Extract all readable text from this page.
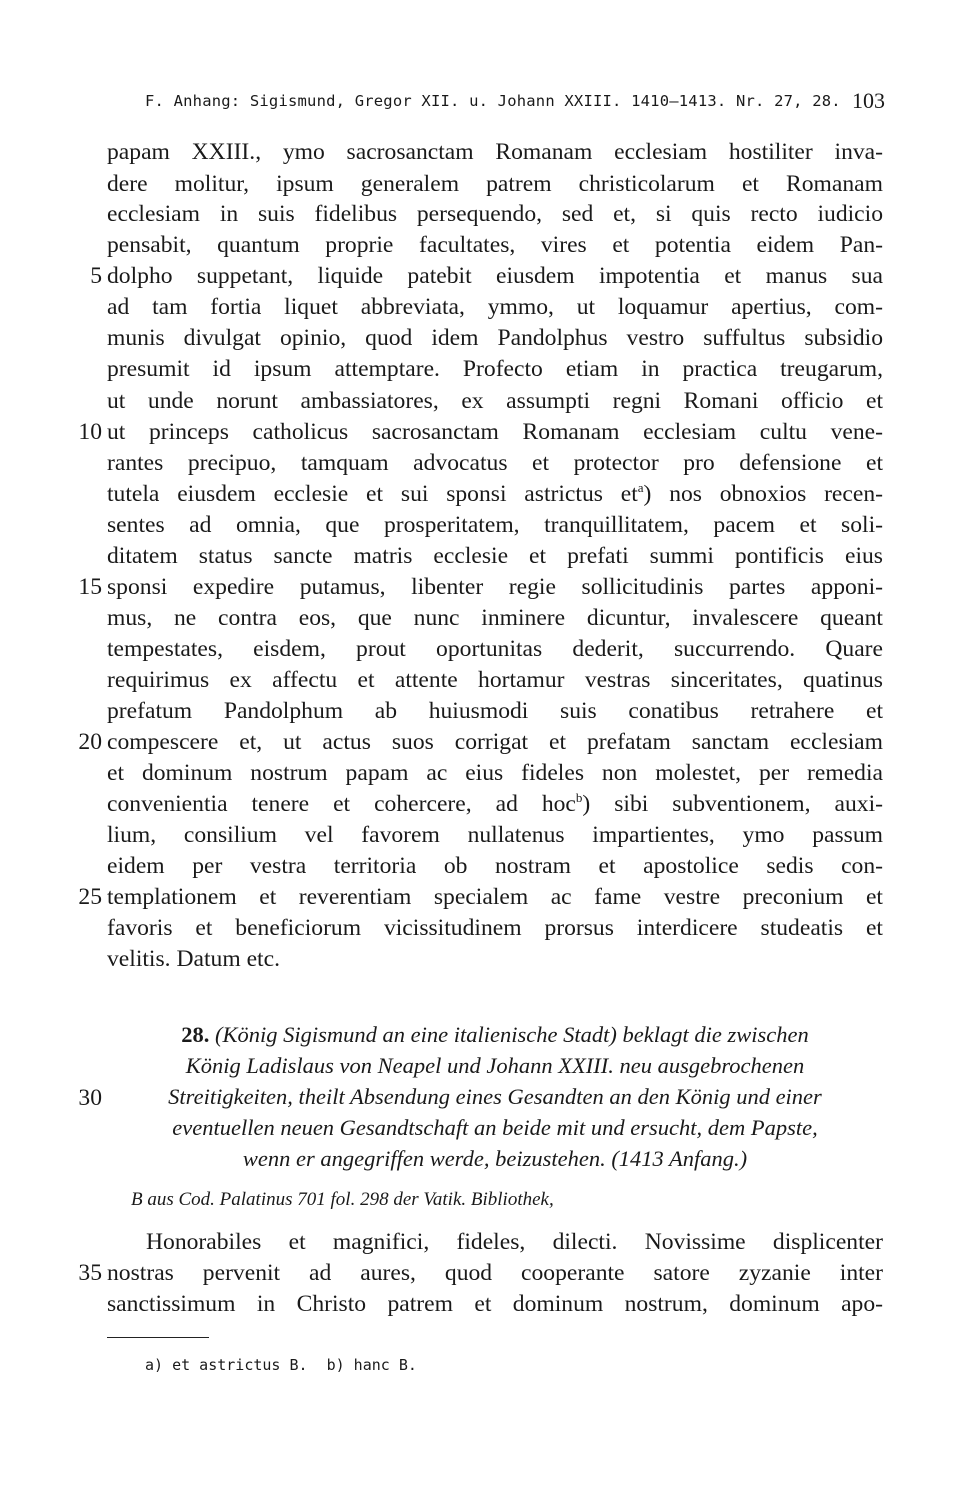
F. Anhang: Sigismund, Gregor XII. u. Johann XXIII. 1410—1413. Nr. 27, 28. 103
papam XXIII., ymo sacrosanctam Romanam ecclesiam hostiliter inva-
dere molitur, ipsum generalem patrem christicolarum et Romanam
ecclesiam in suis fidelibus persequendo, sed et, si quis recto iudicio
pensabit, quantum proprie facultates, vires et potentia eidem Pan-
5 dolpho suppetant, liquide patebit eiusdem impotentia et manus sua
ad tam fortia liquet abbreviata, ymmo, ut loquamur apertius, com-
munis divulgat opinio, quod idem Pandolphus vestro suffultus subsidio
presumit id ipsum attemptare. Profecto etiam in practica treugarum,
ut unde norunt ambassiatores, ex assumpti regni Romani officio et
10 ut princeps catholicus sacrosanctam Romanam ecclesiam cultu vene-
rantes precipuo, tamquam advocatus et protector pro defensione et
tutela eiusdem ecclesie et sui sponsi astrictus $et^a$) nos obnoxios recen-
sentes ad omnia, que prosperitatem, tranquillitatem, pacem et soli-
ditatem status sancte matris ecclesie et prefati summi pontificis eius
15 sponsi expedire putamus, libenter regie sollicitudinis partes apponi-
mus, ne contra eos, que nunc inminere dicuntur, invalescere queant
tempestates, eisdem, prout oportunitas dederit, succurrendo. Quare
requirimus ex affectu et attente hortamur vestras sinceritates, quatinus
prefatum Pandolphum ab huiusmodi suis conatibus retrahere et
20 compescere et, ut actus suos corrigat et prefatam sanctam ecclesiam
et dominum nostrum papam ac eius fideles non molestet, per remedia
convenientia tenere et cohercere, ad hoc$^b$) sibi subventionem, auxi-
lium, consilium vel favorem nullatenus impartientes, ymo passum
eidem per vestra territoria ob nostram et apostolice sedis con-
25 templationem et reverentiam specialem ac fame vestre preconium et
favoris et beneficiorum vicissitudinem prorsus interdicere studeatis et
velitis. Datum etc.
28. (König Sigismund an eine italienische Stadt) beklagt die zwischen
König Ladislaus von Neapel und Johann XXIII. neu ausgebrochenen
30	Streitigkeiten, theilt Absendung eines Gesandten an den König und einer
eventuellen neuen Gesandtschaft an beide mit und ersucht, dem Papste,
wenn er angegriffen werde, beizustehen. (1413 Anfang.)
B aus Cod. Palatinus 701 fol. 298 der Vatik. Bibliothek,
Honorabiles et magnifici, fideles, dilecti. Novissime displicenter
35 nostras pervenit ad aures, quod cooperante satore zyzanie inter
sanctissimum in Christo patrem et dominum nostrum, dominum apo-
a) et astrictus B. b) hanc B.
